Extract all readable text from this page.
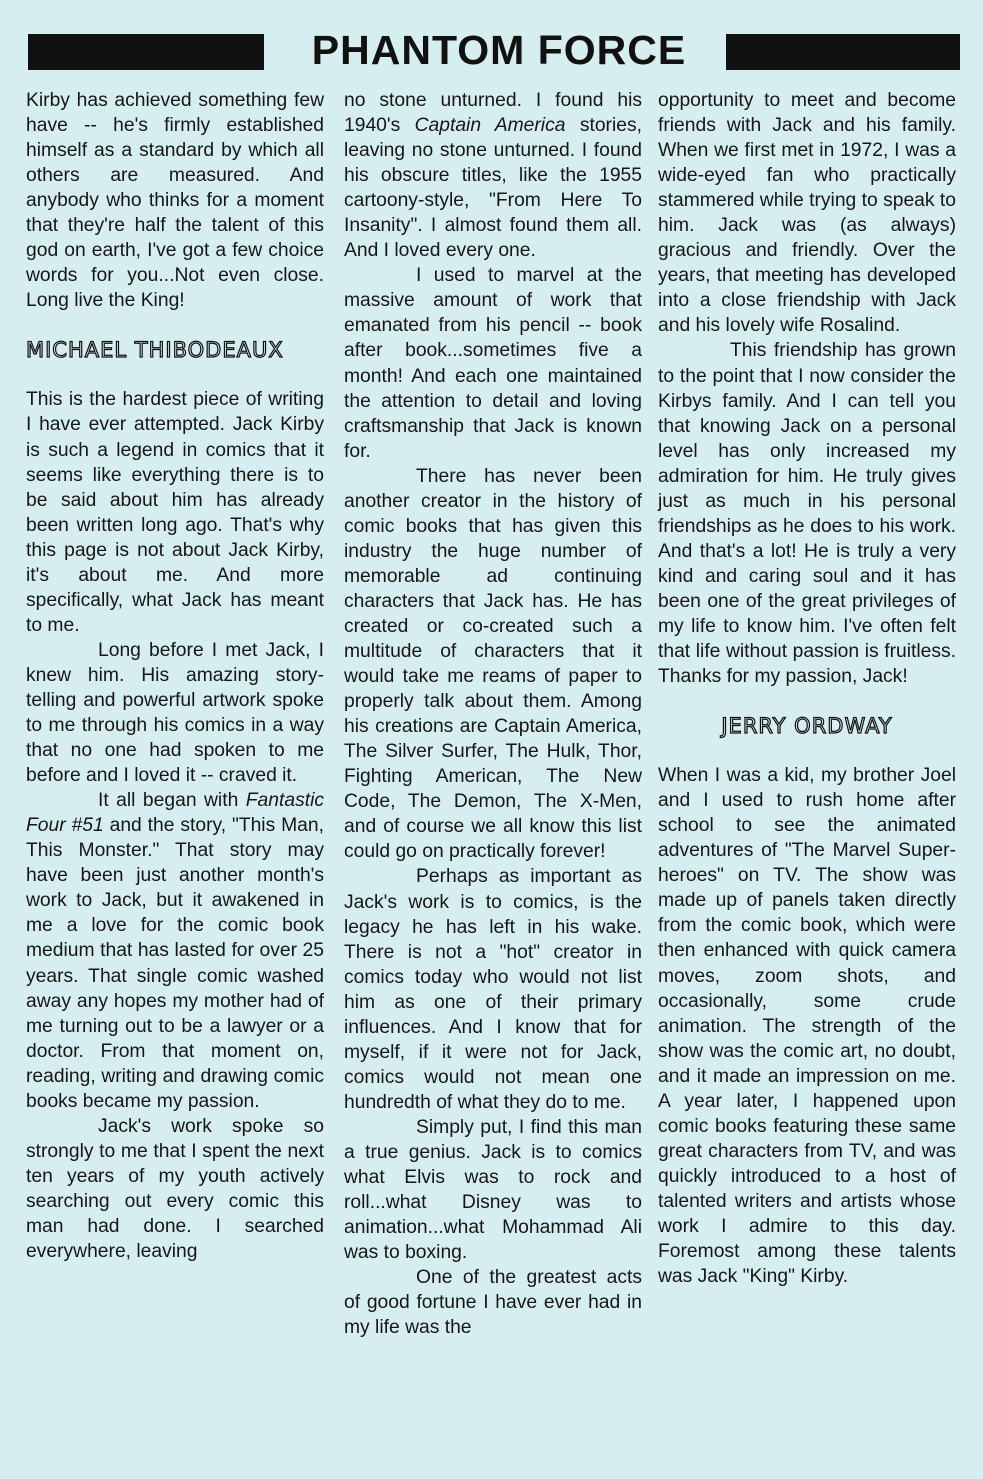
PHANTOM FORCE

Kirby has achieved something few have -- he's firmly established himself as a standard by which all others are measured. And anybody who thinks for a moment that they're half the talent of this god on earth, I've got a few choice words for you...Not even close. Long live the King!

MICHAEL THIBODEAUX

This is the hardest piece of writing I have ever attempted. Jack Kirby is such a legend in comics that it seems like everything there is to be said about him has already been written long ago. That's why this page is not about Jack Kirby, it's about me. And more specifically, what Jack has meant to me.

Long before I met Jack, I knew him. His amazing story-telling and powerful artwork spoke to me through his comics in a way that no one had spoken to me before and I loved it -- craved it.

It all began with Fantastic Four #51 and the story, "This Man, This Monster." That story may have been just another month's work to Jack, but it awakened in me a love for the comic book medium that has lasted for over 25 years. That single comic washed away any hopes my mother had of me turning out to be a lawyer or a doctor. From that moment on, reading, writing and drawing comic books became my passion.

Jack's work spoke so strongly to me that I spent the next ten years of my youth actively searching out every comic this man had done. I searched everywhere, leaving

no stone unturned. I found his 1940's Captain America stories, leaving no stone unturned. I found his obscure titles, like the 1955 cartoony-style, "From Here To Insanity". I almost found them all. And I loved every one.

I used to marvel at the massive amount of work that emanated from his pencil -- book after book...sometimes five a month! And each one maintained the attention to detail and loving craftsmanship that Jack is known for.

There has never been another creator in the history of comic books that has given this industry the huge number of memorable ad continuing characters that Jack has. He has created or co-created such a multitude of characters that it would take me reams of paper to properly talk about them. Among his creations are Captain America, The Silver Surfer, The Hulk, Thor, Fighting American, The New Code, The Demon, The X-Men, and of course we all know this list could go on practically forever!

Perhaps as important as Jack's work is to comics, is the legacy he has left in his wake. There is not a "hot" creator in comics today who would not list him as one of their primary influences. And I know that for myself, if it were not for Jack, comics would not mean one hundredth of what they do to me.

Simply put, I find this man a true genius. Jack is to comics what Elvis was to rock and roll...what Disney was to animation...what Mohammad Ali was to boxing.

One of the greatest acts of good fortune I have ever had in my life was the

opportunity to meet and become friends with Jack and his family. When we first met in 1972, I was a wide-eyed fan who practically stammered while trying to speak to him. Jack was (as always) gracious and friendly. Over the years, that meeting has developed into a close friendship with Jack and his lovely wife Rosalind.

This friendship has grown to the point that I now consider the Kirbys family. And I can tell you that knowing Jack on a personal level has only increased my admiration for him. He truly gives just as much in his personal friendships as he does to his work. And that's a lot! He is truly a very kind and caring soul and it has been one of the great privileges of my life to know him. I've often felt that life without passion is fruitless. Thanks for my passion, Jack!

JERRY ORDWAY

When I was a kid, my brother Joel and I used to rush home after school to see the animated adventures of "The Marvel Super-heroes" on TV. The show was made up of panels taken directly from the comic book, which were then enhanced with quick camera moves, zoom shots, and occasionally, some crude animation. The strength of the show was the comic art, no doubt, and it made an impression on me. A year later, I happened upon comic books featuring these same great characters from TV, and was quickly introduced to a host of talented writers and artists whose work I admire to this day. Foremost among these talents was Jack "King" Kirby.
